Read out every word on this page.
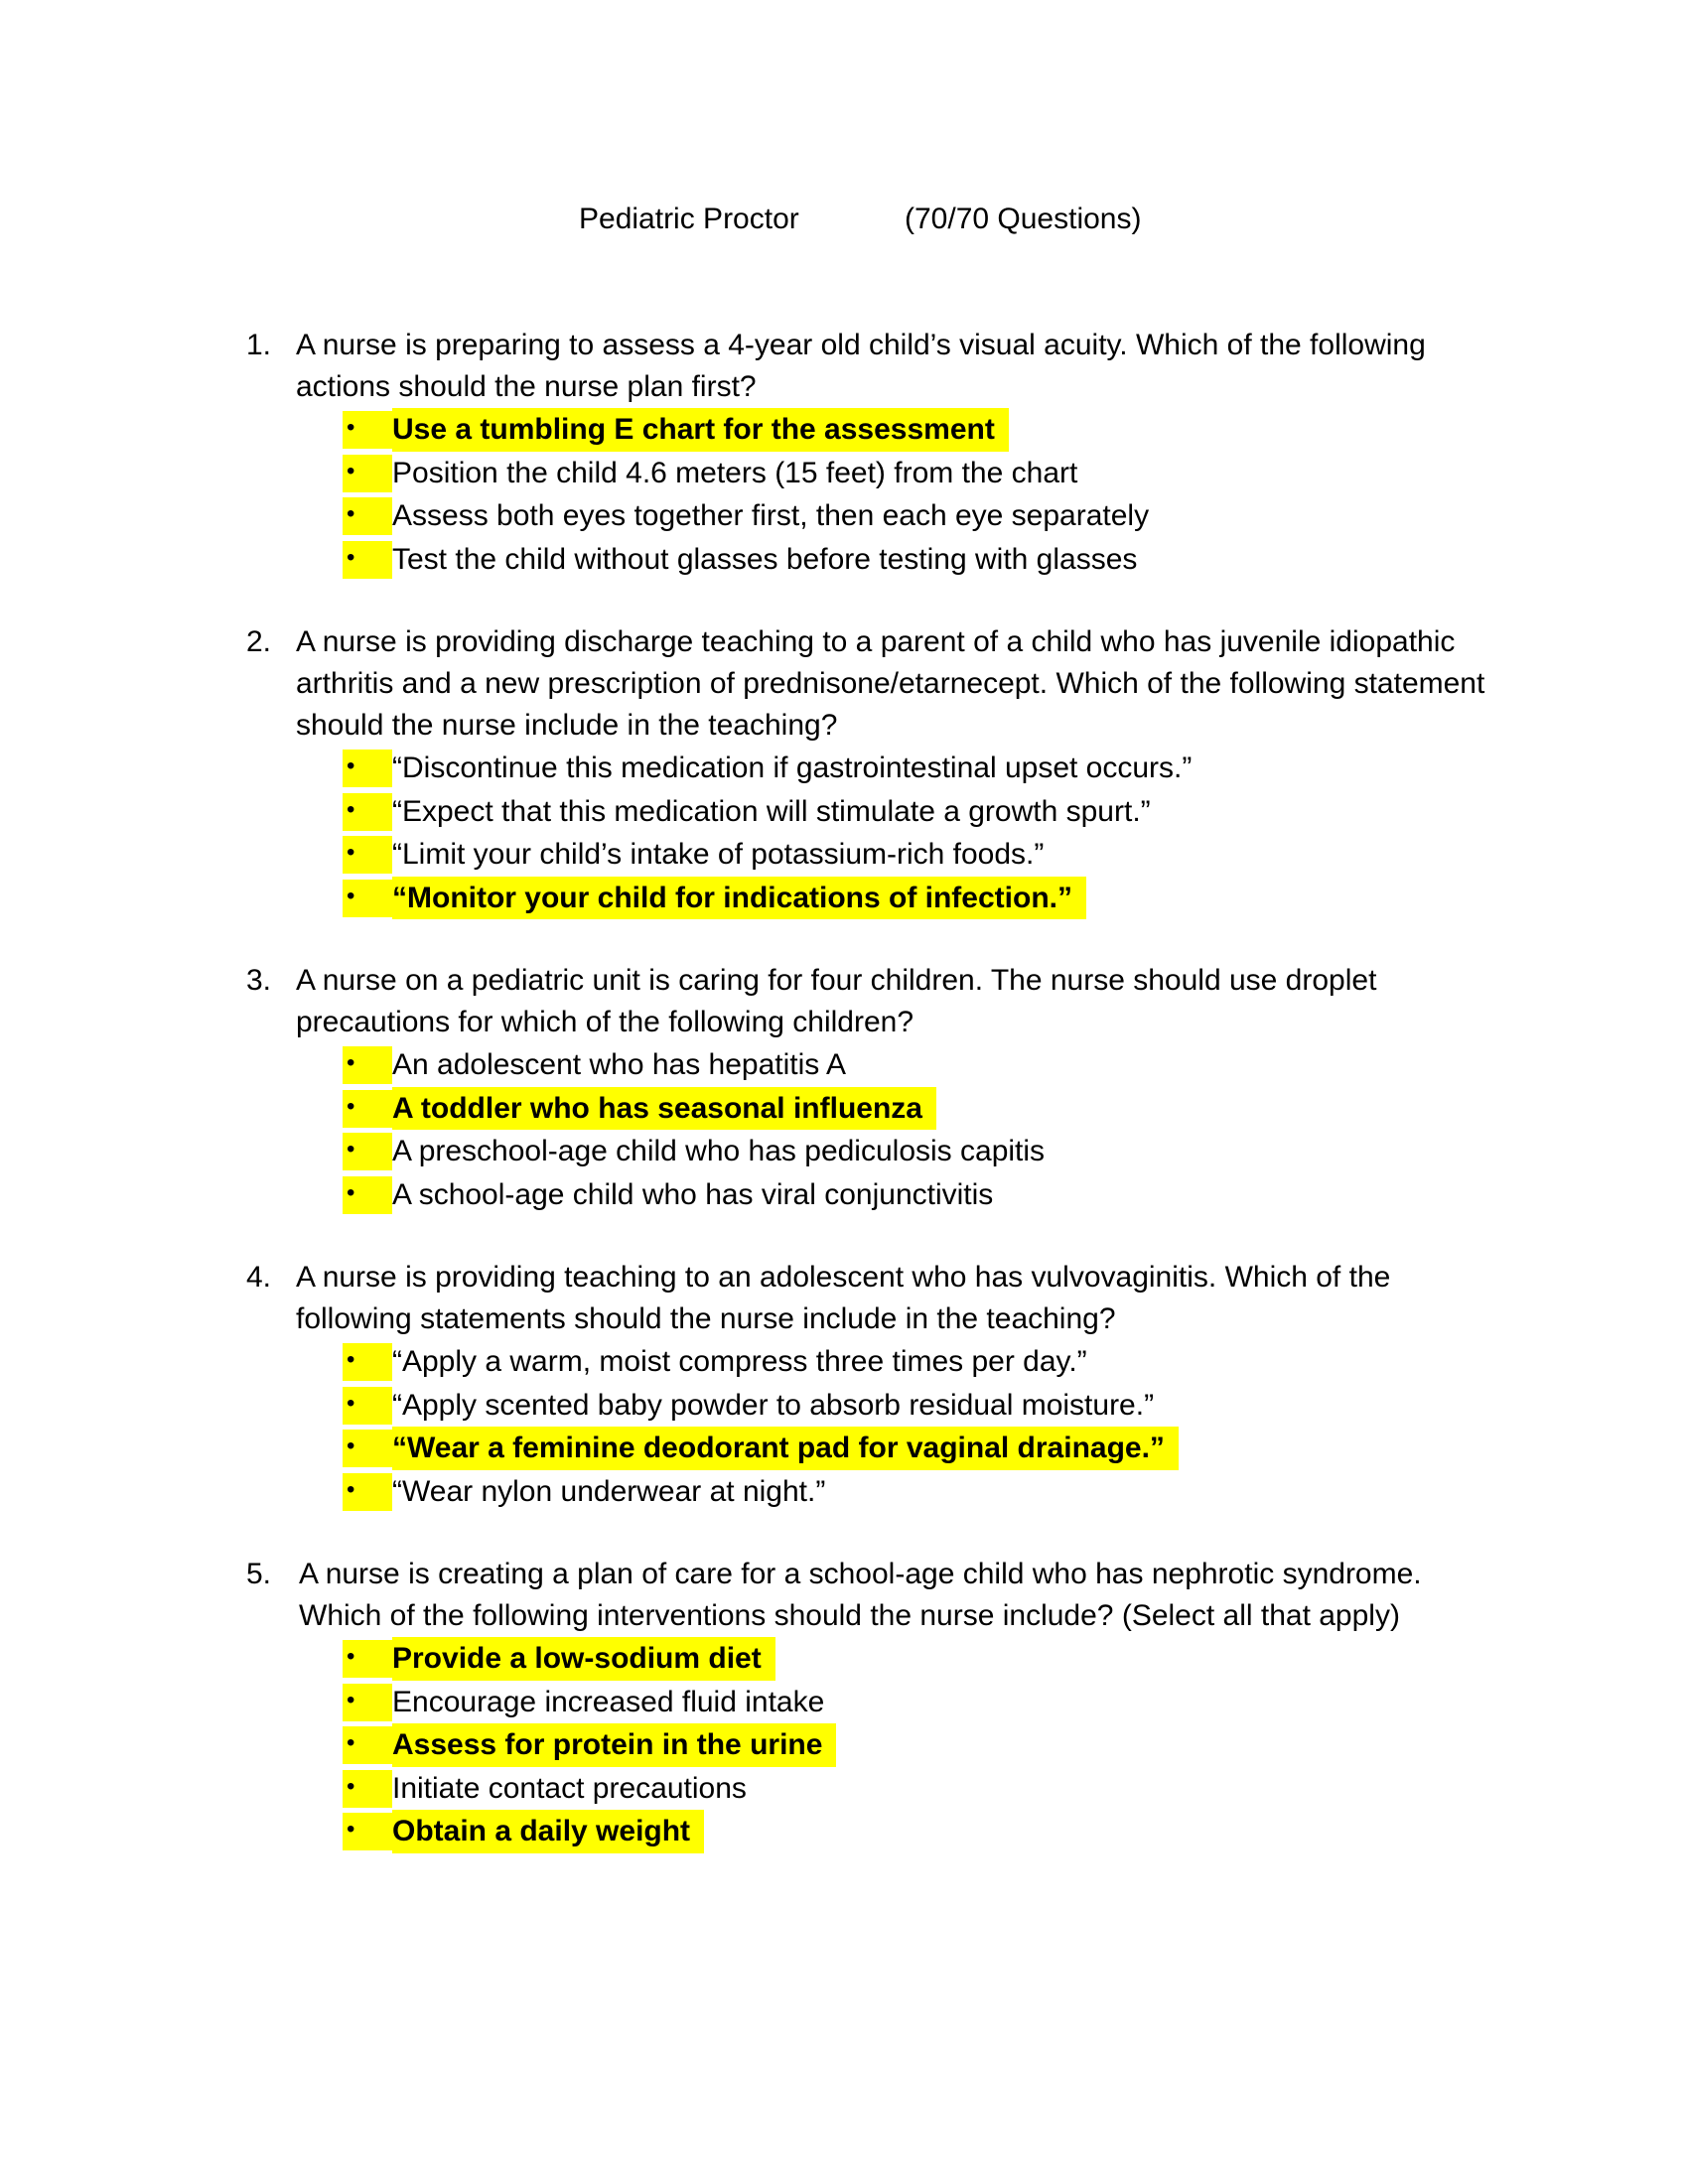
Pediatric Proctor	(70/70 Questions)
1. A nurse is preparing to assess a 4-year old child’s visual acuity. Which of the following actions should the nurse plan first?
• Use a tumbling E chart for the assessment
• Position the child 4.6 meters (15 feet) from the chart
• Assess both eyes together first, then each eye separately
• Test the child without glasses before testing with glasses
2. A nurse is providing discharge teaching to a parent of a child who has juvenile idiopathic arthritis and a new prescription of prednisone/etarnecept. Which of the following statement should the nurse include in the teaching?
• “Discontinue this medication if gastrointestinal upset occurs.”
• “Expect that this medication will stimulate a growth spurt.”
• “Limit your child’s intake of potassium-rich foods.”
• “Monitor your child for indications of infection.”
3. A nurse on a pediatric unit is caring for four children. The nurse should use droplet precautions for which of the following children?
• An adolescent who has hepatitis A
• A toddler who has seasonal influenza
• A preschool-age child who has pediculosis capitis
• A school-age child who has viral conjunctivitis
4. A nurse is providing teaching to an adolescent who has vulvovaginitis. Which of the following statements should the nurse include in the teaching?
• “Apply a warm, moist compress three times per day.”
• “Apply scented baby powder to absorb residual moisture.”
• “Wear a feminine deodorant pad for vaginal drainage.”
• “Wear nylon underwear at night.”
5. A nurse is creating a plan of care for a school-age child who has nephrotic syndrome. Which of the following interventions should the nurse include? (Select all that apply)
• Provide a low-sodium diet
• Encourage increased fluid intake
• Assess for protein in the urine
• Initiate contact precautions
• Obtain a daily weight
